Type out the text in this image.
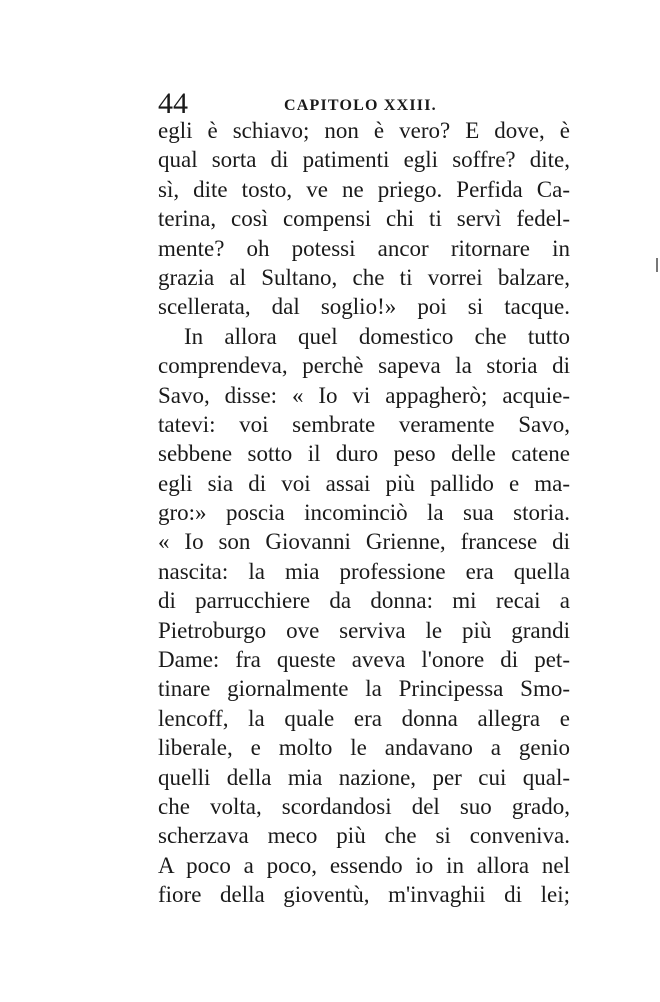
44	CAPITOLO XXIII.
egli è schiavo; non è vero? E dove, è
qual sorta di patimenti egli soffre? dite,
sì, dite tosto, ve ne priego. Perfida Ca-
terina, così compensi chi ti servì fedel-
mente? oh potessi ancor ritornare in
grazia al Sultano, che ti vorrei balzare,
scellerata, dal soglio!» poi si tacque.
In allora quel domestico che tutto
comprendeva, perchè sapeva la storia di
Savo, disse: « Io vi appagherò; acquie-
tatevi: voi sembrate veramente Savo,
sebbene sotto il duro peso delle catene
egli sia di voi assai più pallido e ma-
gro:» poscia incominciò la sua storia.
« Io son Giovanni Grienne, francese di
nascita: la mia professione era quella
di parrucchiere da donna: mi recai a
Pietroburgo ove serviva le più grandi
Dame: fra queste aveva l'onore di pet-
tinare giornalmente la Principessa Smo-
lencoff, la quale era donna allegra e
liberale, e molto le andavano a genio
quelli della mia nazione, per cui qual-
che volta, scordandosi del suo grado,
scherzava meco più che si conveniva.
A poco a poco, essendo io in allora nel
fiore della gioventù, m'invaghii di lei;
